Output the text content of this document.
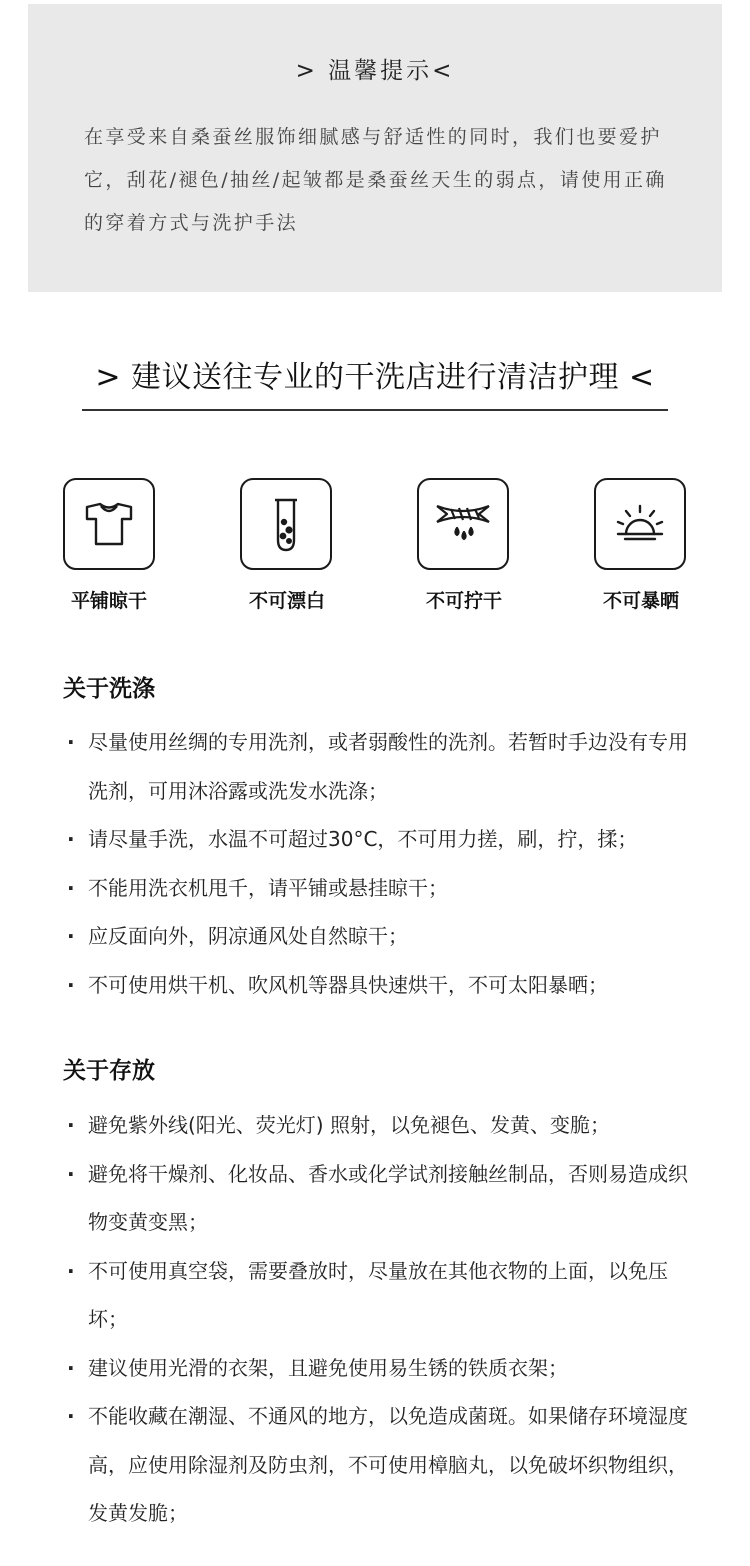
> 温馨提示<

在享受来自桑蚕丝服饰细腻感与舒适性的同时，我们也要爱护它，刮花/褪色/抽丝/起皱都是桑蚕丝天生的弱点，请使用正确的穿着方式与洗护手法

> 建议送往专业的干洗店进行清洁护理 <
平铺晾干	不可漂白	不可拧干	不可暴晒
关于洗涤
· 尽量使用丝绸的专用洗剂，或者弱酸性的洗剂。若暂时手边没有专用洗剂，可用沐浴露或洗发水洗涤；
· 请尽量手洗，水温不可超过30°C，不可用力搓，刷，拧，揉；
· 不能用洗衣机甩千，请平铺或悬挂晾干；
· 应反面向外，阴凉通风处自然晾干；
· 不可使用烘干机、吹风机等器具快速烘干，不可太阳暴晒；
关于存放
· 避免紫外线(阳光、荧光灯) 照射，以免褪色、发黄、变脆；
· 避免将干燥剂、化妆品、香水或化学试剂接触丝制品，否则易造成织物变黄变黑；
· 不可使用真空袋，需要叠放时，尽量放在其他衣物的上面，以免压坏；
· 建议使用光滑的衣架，且避免使用易生锈的铁质衣架；
· 不能收藏在潮湿、不通风的地方，以免造成菌斑。如果储存环境湿度高，应使用除湿剂及防虫剂，不可使用樟脑丸，以免破坏织物组织，发黄发脆；
